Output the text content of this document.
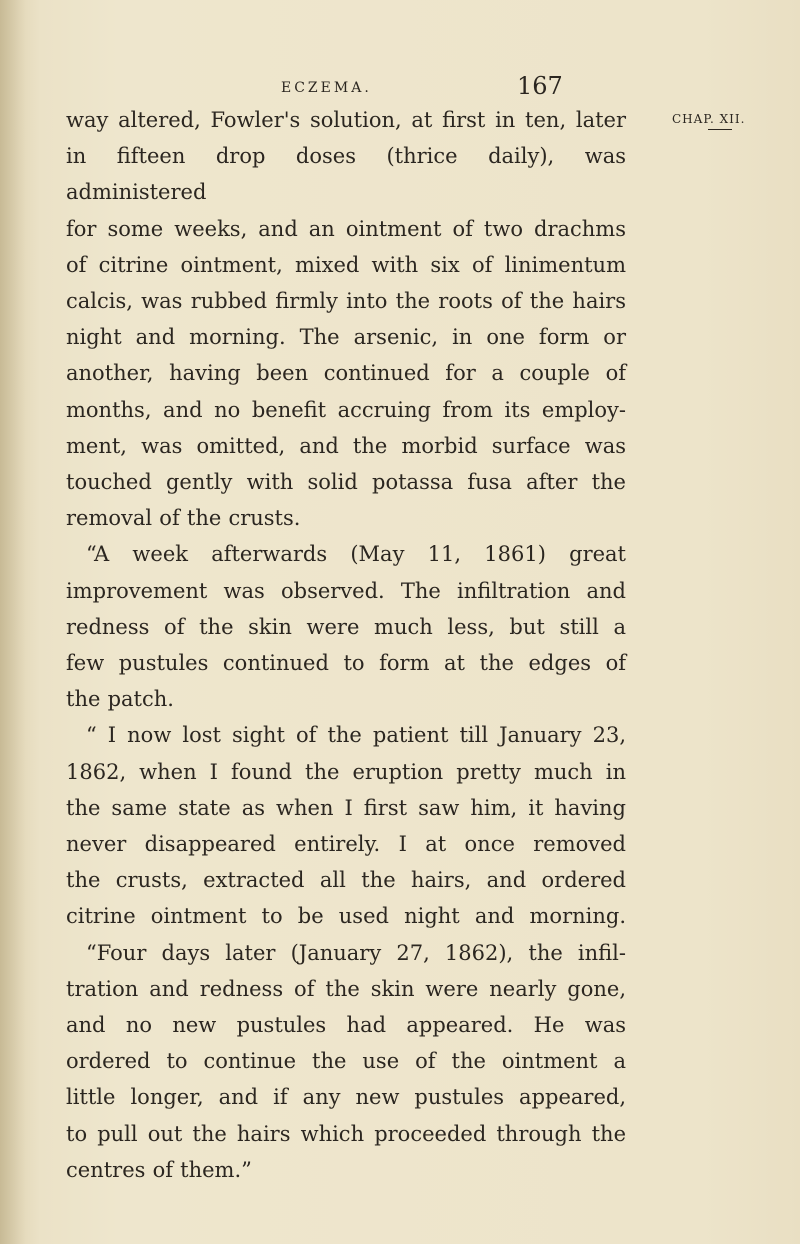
ECZEMA.	167
CHAP. XII.
way altered, Fowler's solution, at first in ten, later
in fifteen drop doses (thrice daily), was administered
for some weeks, and an ointment of two drachms
of citrine ointment, mixed with six of linimentum
calcis, was rubbed firmly into the roots of the hairs
night and morning. The arsenic, in one form or
another, having been continued for a couple of
months, and no benefit accruing from its employ-
ment, was omitted, and the morbid surface was
touched gently with solid potassa fusa after the
removal of the crusts.
“A week afterwards (May 11, 1861) great
improvement was observed. The infiltration and
redness of the skin were much less, but still a
few pustules continued to form at the edges of
the patch.
“ I now lost sight of the patient till January 23,
1862, when I found the eruption pretty much in
the same state as when I first saw him, it having
never disappeared entirely. I at once removed
the crusts, extracted all the hairs, and ordered
citrine ointment to be used night and morning.
“Four days later (January 27, 1862), the infil-
tration and redness of the skin were nearly gone,
and no new pustules had appeared. He was
ordered to continue the use of the ointment a
little longer, and if any new pustules appeared,
to pull out the hairs which proceeded through the
centres of them.”
